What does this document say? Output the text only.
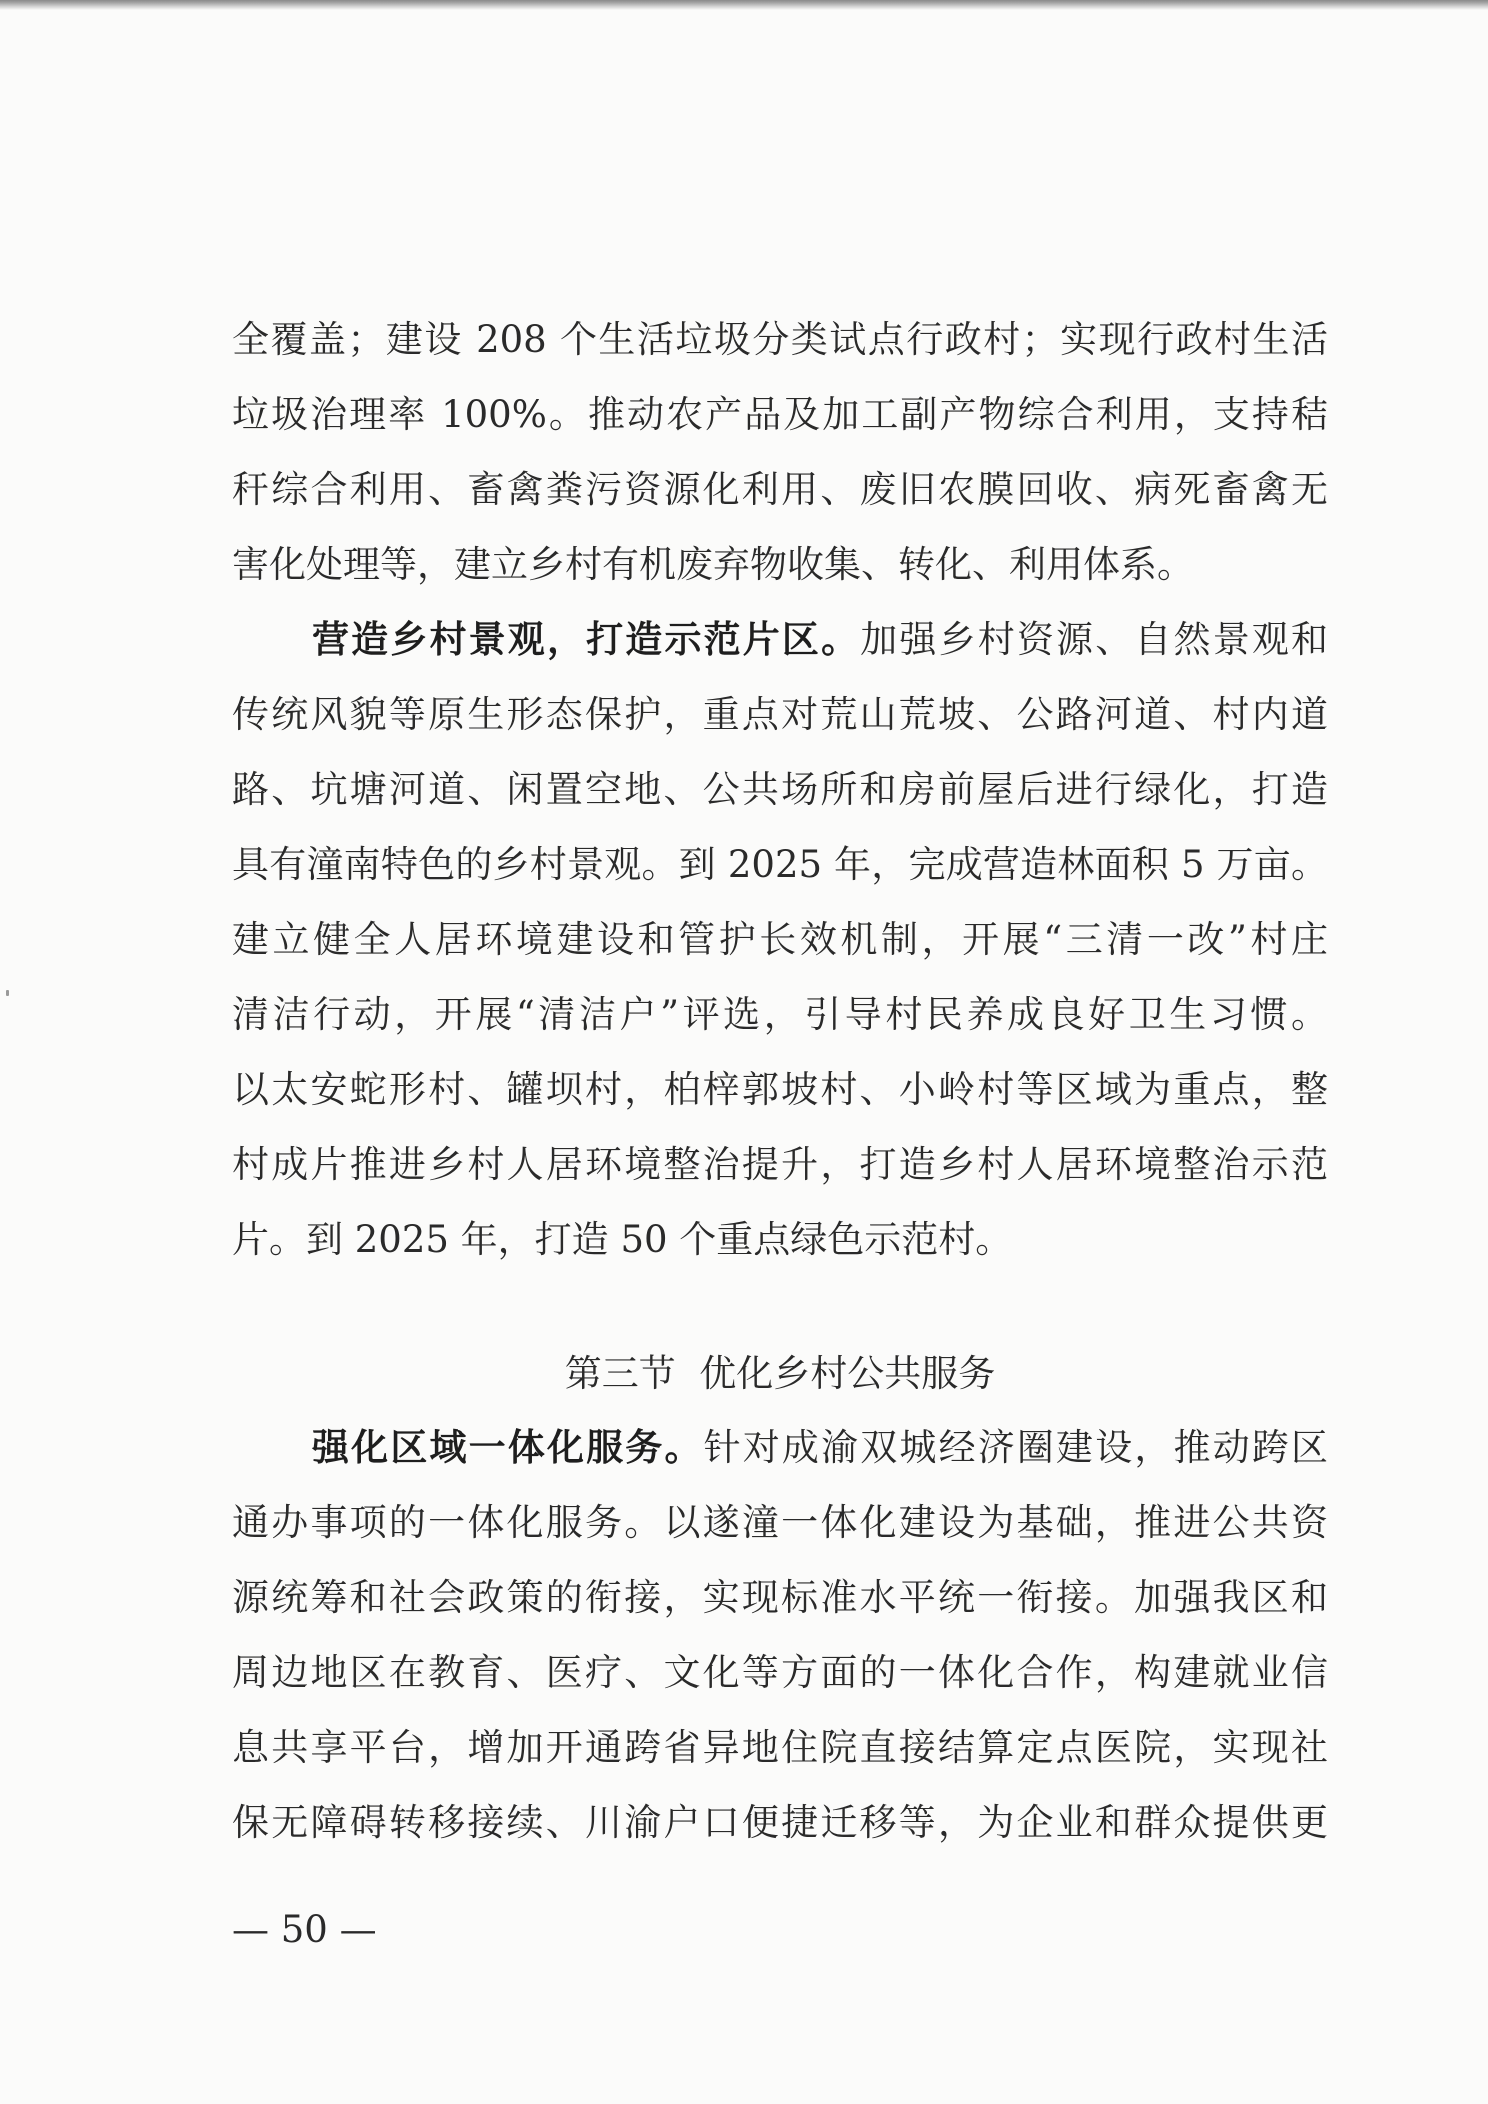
全覆盖；建设 208 个生活垃圾分类试点行政村；实现行政村生活
垃圾治理率 100%。推动农产品及加工副产物综合利用，支持秸
秆综合利用、畜禽粪污资源化利用、废旧农膜回收、病死畜禽无
害化处理等，建立乡村有机废弃物收集、转化、利用体系。
营造乡村景观，打造示范片区。加强乡村资源、自然景观和
传统风貌等原生形态保护，重点对荒山荒坡、公路河道、村内道
路、坑塘河道、闲置空地、公共场所和房前屋后进行绿化，打造
具有潼南特色的乡村景观。到 2025 年，完成营造林面积 5 万亩。
建立健全人居环境建设和管护长效机制，开展“三清一改”村庄
清洁行动，开展“清洁户”评选，引导村民养成良好卫生习惯。
以太安蛇形村、罐坝村，柏梓郭坡村、小岭村等区域为重点，整
村成片推进乡村人居环境整治提升，打造乡村人居环境整治示范
片。到 2025 年，打造 50 个重点绿色示范村。
第三节 优化乡村公共服务
强化区域一体化服务。针对成渝双城经济圈建设，推动跨区
通办事项的一体化服务。以遂潼一体化建设为基础，推进公共资
源统筹和社会政策的衔接，实现标准水平统一衔接。加强我区和
周边地区在教育、医疗、文化等方面的一体化合作，构建就业信
息共享平台，增加开通跨省异地住院直接结算定点医院，实现社
保无障碍转移接续、川渝户口便捷迁移等，为企业和群众提供更
— 50 —
